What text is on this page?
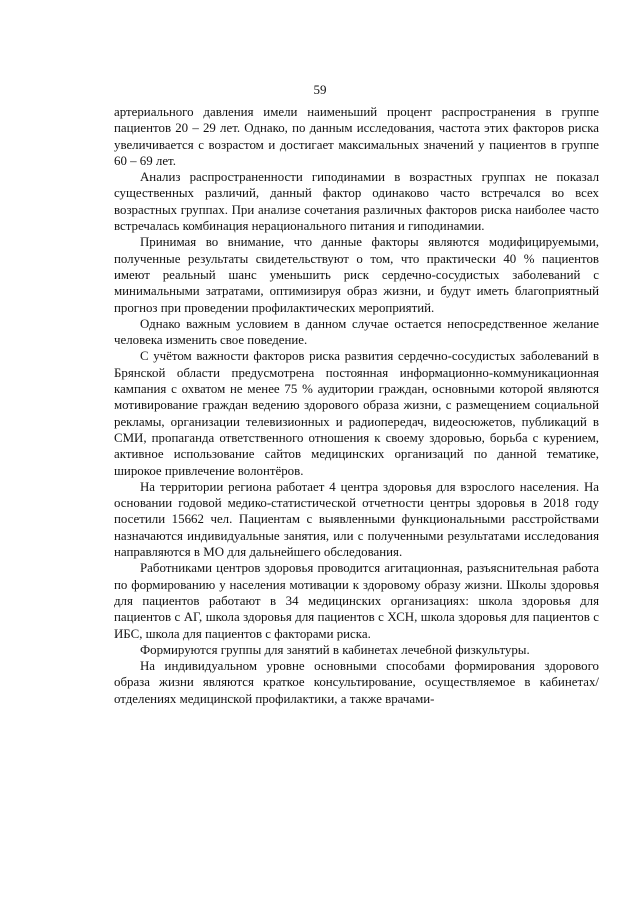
59

артериального давления имели наименьший процент распространения в группе пациентов 20 – 29 лет. Однако, по данным исследования, частота этих факторов риска увеличивается с возрастом и достигает максимальных значений у пациентов в группе 60 – 69 лет.

Анализ распространенности гиподинамии в возрастных группах не показал существенных различий, данный фактор одинаково часто встречался во всех возрастных группах. При анализе сочетания различных факторов риска наиболее часто встречалась комбинация нерационального питания и гиподинамии.

Принимая во внимание, что данные факторы являются модифицируемыми, полученные результаты свидетельствуют о том, что практически 40 % пациентов имеют реальный шанс уменьшить риск сердечно-сосудистых заболеваний с минимальными затратами, оптимизируя образ жизни, и будут иметь благоприятный прогноз при проведении профилактических мероприятий.

Однако важным условием в данном случае остается непосредственное желание человека изменить свое поведение.

С учётом важности факторов риска развития сердечно-сосудистых заболеваний в Брянской области предусмотрена постоянная информационно-коммуникационная кампания с охватом не менее 75 % аудитории граждан, основными которой являются мотивирование граждан ведению здорового образа жизни, с размещением социальной рекламы, организации телевизионных и радиопередач, видеосюжетов, публикаций в СМИ, пропаганда ответственного отношения к своему здоровью, борьба с курением, активное использование сайтов медицинских организаций по данной тематике, широкое привлечение волонтёров.

На территории региона работает 4 центра здоровья для взрослого населения. На основании годовой медико-статистической отчетности центры здоровья в 2018 году посетили 15662 чел. Пациентам с выявленными функциональными расстройствами назначаются индивидуальные занятия, или с полученными результатами исследования направляются в МО для дальнейшего обследования.

Работниками центров здоровья проводится агитационная, разъяснительная работа по формированию у населения мотивации к здоровому образу жизни. Школы здоровья для пациентов работают в 34 медицинских организациях: школа здоровья для пациентов с АГ, школа здоровья для пациентов с ХСН, школа здоровья для пациентов с ИБС, школа для пациентов с факторами риска.

Формируются группы для занятий в кабинетах лечебной физкультуры.

На индивидуальном уровне основными способами формирования здорового образа жизни являются краткое консультирование, осуществляемое в кабинетах/отделениях медицинской профилактики, а также врачами-
